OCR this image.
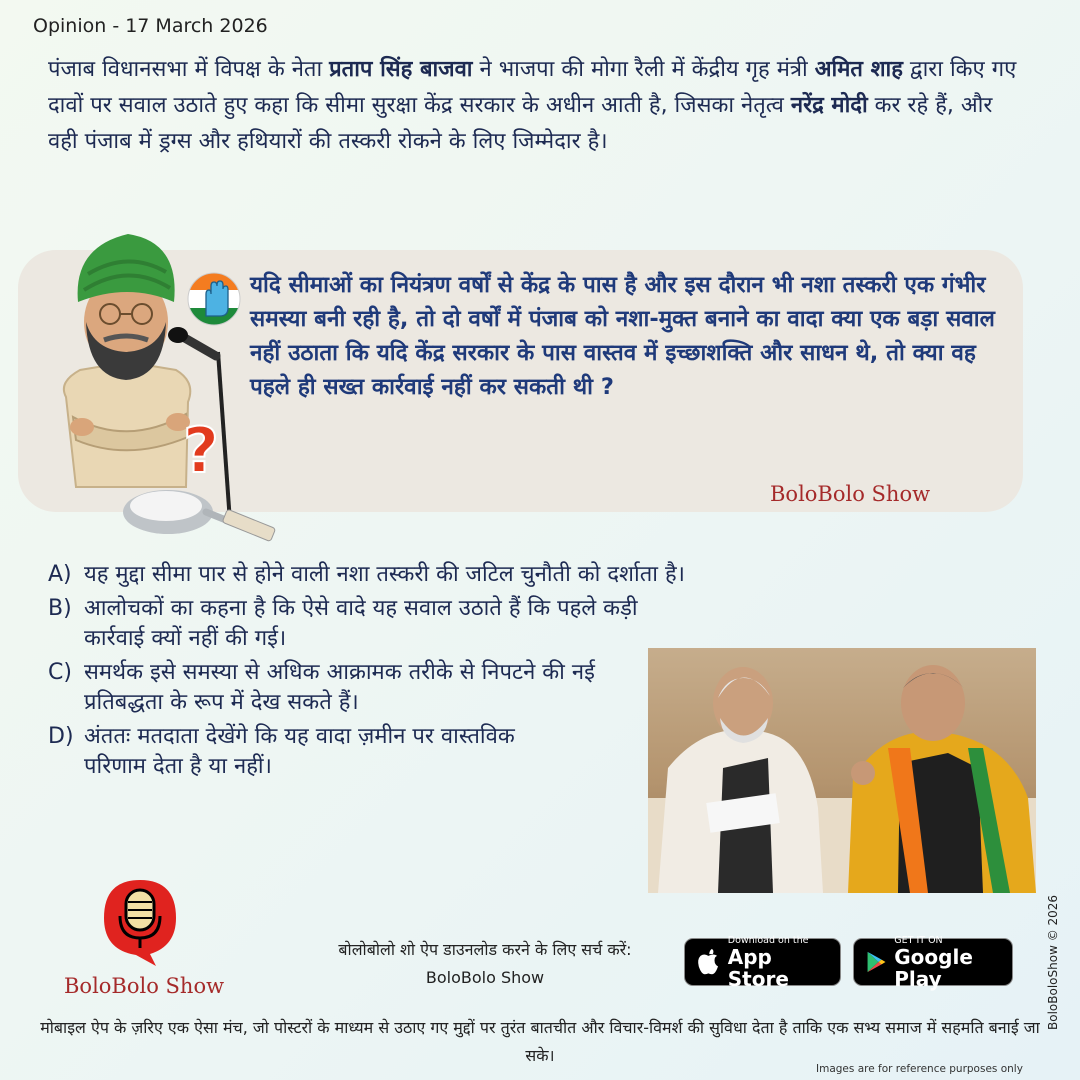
Opinion - 17 March 2026
पंजाब विधानसभा में विपक्ष के नेता प्रताप सिंह बाजवा ने भाजपा की मोगा रैली में केंद्रीय गृह मंत्री अमित शाह द्वारा किए गए दावों पर सवाल उठाते हुए कहा कि सीमा सुरक्षा केंद्र सरकार के अधीन आती है, जिसका नेतृत्व नरेंद्र मोदी कर रहे हैं, और वही पंजाब में ड्रग्स और हथियारों की तस्करी रोकने के लिए जिम्मेदार है।
?
यदि सीमाओं का नियंत्रण वर्षों से केंद्र के पास है और इस दौरान भी नशा तस्करी एक गंभीर समस्या बनी रही है, तो दो वर्षों में पंजाब को नशा-मुक्त बनाने का वादा क्या एक बड़ा सवाल नहीं उठाता कि यदि केंद्र सरकार के पास वास्तव में इच्छाशक्ति और साधन थे, तो क्या वह पहले ही सख्त कार्रवाई नहीं कर सकती थी ?
BoloBolo Show
A) यह मुद्दा सीमा पार से होने वाली नशा तस्करी की जटिल चुनौती को दर्शाता है।
B) आलोचकों का कहना है कि ऐसे वादे यह सवाल उठाते हैं कि पहले कड़ी कार्रवाई क्यों नहीं की गई।
C) समर्थक इसे समस्या से अधिक आक्रामक तरीके से निपटने की नई प्रतिबद्धता के रूप में देख सकते हैं।
D) अंततः मतदाता देखेंगे कि यह वादा ज़मीन पर वास्तविक परिणाम देता है या नहीं।
BoloBolo Show
बोलोबोलो शो ऐप डाउनलोड करने के लिए सर्च करें:
BoloBolo Show
Download on the
App Store
GET IT ON
Google Play
मोबाइल ऐप के ज़रिए एक ऐसा मंच, जो पोस्टरों के माध्यम से उठाए गए मुद्दों पर तुरंत बातचीत और विचार-विमर्श की सुविधा देता है ताकि एक सभ्य समाज में सहमति बनाई जा सके।
Images are for reference purposes only
BoloBoloShow © 2026
